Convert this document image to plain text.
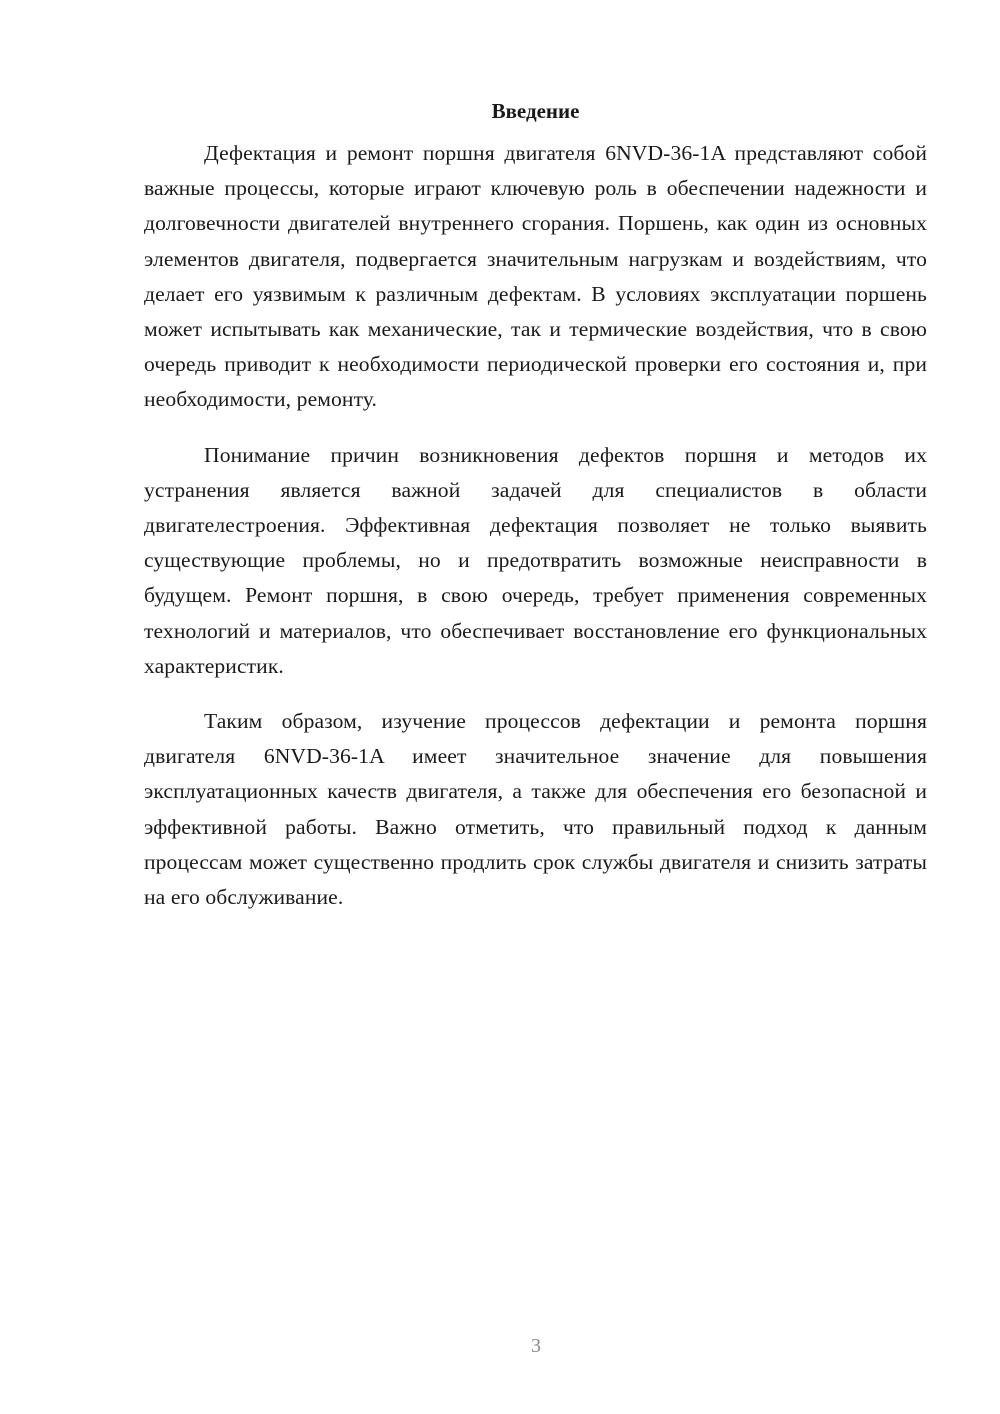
Введение

Дефектация и ремонт поршня двигателя 6NVD-36-1A представляют собой важные процессы, которые играют ключевую роль в обеспечении надежности и долговечности двигателей внутреннего сгорания. Поршень, как один из основных элементов двигателя, подвергается значительным нагрузкам и воздействиям, что делает его уязвимым к различным дефектам. В условиях эксплуатации поршень может испытывать как механические, так и термические воздействия, что в свою очередь приводит к необходимости периодической проверки его состояния и, при необходимости, ремонту.

Понимание причин возникновения дефектов поршня и методов их устранения является важной задачей для специалистов в области двигателестроения. Эффективная дефектация позволяет не только выявить существующие проблемы, но и предотвратить возможные неисправности в будущем. Ремонт поршня, в свою очередь, требует применения современных технологий и материалов, что обеспечивает восстановление его функциональных характеристик.

Таким образом, изучение процессов дефектации и ремонта поршня двигателя 6NVD-36-1A имеет значительное значение для повышения эксплуатационных качеств двигателя, а также для обеспечения его безопасной и эффективной работы. Важно отметить, что правильный подход к данным процессам может существенно продлить срок службы двигателя и снизить затраты на его обслуживание.

3
